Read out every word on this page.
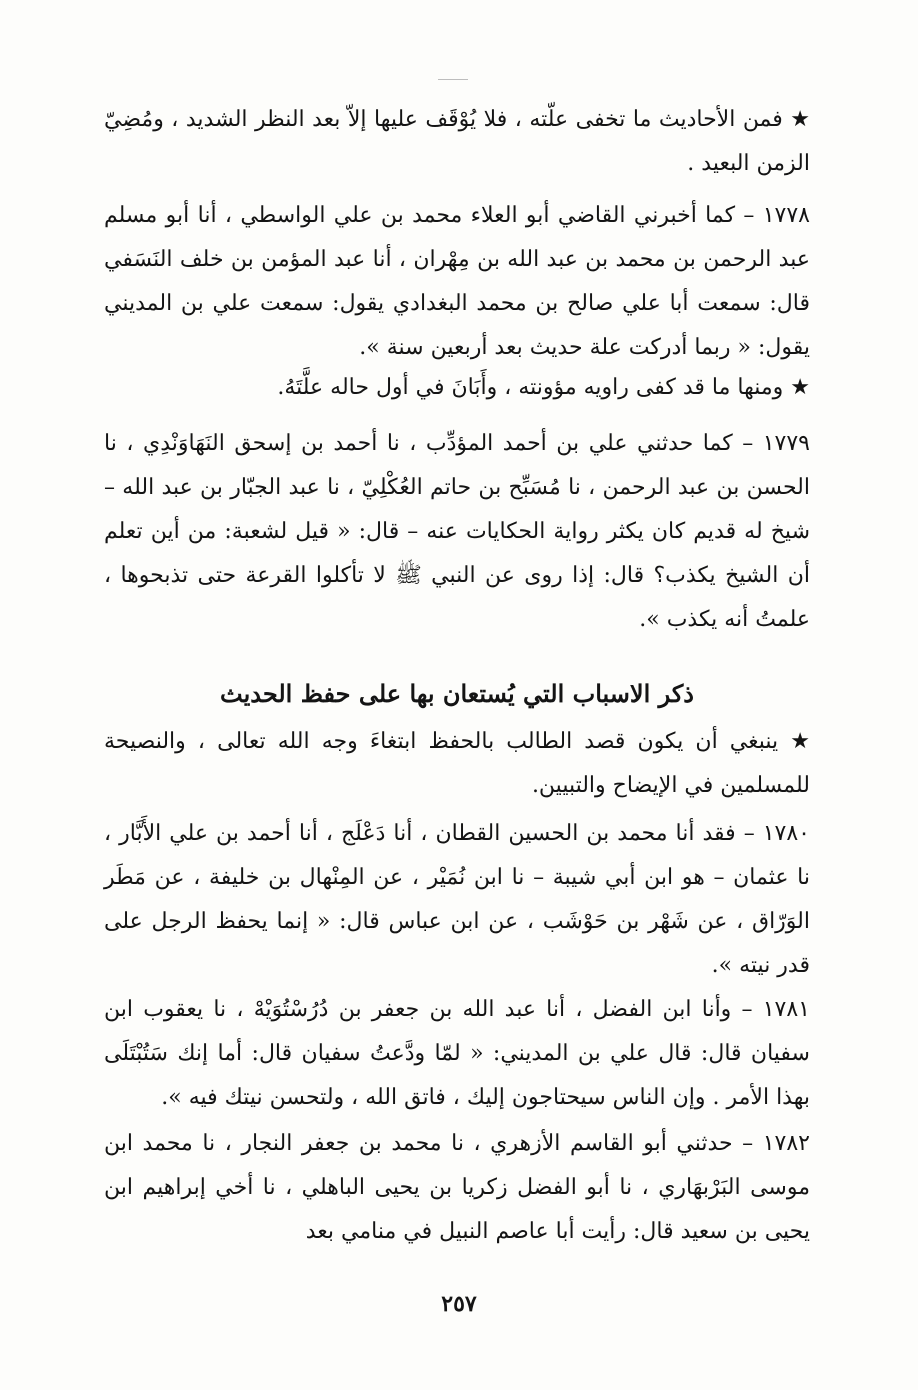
★ فمن الأحاديث ما تخفى علّته ، فلا يُوْقَف عليها إلاّ بعد النظر الشديد ، ومُضِيّ الزمن البعيد .

١٧٧٨ – كما أخبرني القاضي أبو العلاء محمد بن علي الواسطي ، أنا أبو مسلم عبد الرحمن بن محمد بن عبد الله بن مِهْران ، أنا عبد المؤمن بن خلف النَسَفي قال: سمعت أبا علي صالح بن محمد البغدادي يقول: سمعت علي بن المديني يقول: « ربما أدركت علة حديث بعد أربعين سنة ».

★ ومنها ما قد كفى راويه مؤونته ، وأَبَانَ في أول حاله علَّتَهُ.

١٧٧٩ – كما حدثني علي بن أحمد المؤدِّب ، نا أحمد بن إسحق النَهَاوَنْدِي ، نا الحسن بن عبد الرحمن ، نا مُسَبِّح بن حاتم العُكْلِيّ ، نا عبد الجبّار بن عبد الله – شيخ له قديم كان يكثر رواية الحكايات عنه – قال: « قيل لشعبة: من أين تعلم أن الشيخ يكذب؟ قال: إذا روى عن النبي ﷺ لا تأكلوا القرعة حتى تذبحوها ، علمتُ أنه يكذب ».

ذكر الاسباب التي يُستعان بها على حفظ الحديث

★ ينبغي أن يكون قصد الطالب بالحفظ ابتغاءَ وجه الله تعالى ، والنصيحة للمسلمين في الإيضاح والتبيين.

١٧٨٠ – فقد أنا محمد بن الحسين القطان ، أنا دَعْلَج ، أنا أحمد بن علي الأَبَّار ، نا عثمان – هو ابن أبي شيبة – نا ابن نُمَيْر ، عن المِنْهال بن خليفة ، عن مَطَر الوَرّاق ، عن شَهْر بن حَوْشَب ، عن ابن عباس قال: « إنما يحفظ الرجل على قدر نيته ».

١٧٨١ – وأنا ابن الفضل ، أنا عبد الله بن جعفر بن دُرُسْتُوَيْهْ ، نا يعقوب ابن سفيان قال: قال علي بن المديني: « لمّا ودَّعتُ سفيان قال: أما إنك سَتُبْتَلَى بهذا الأمر . وإن الناس سيحتاجون إليك ، فاتق الله ، ولتحسن نيتك فيه ».

١٧٨٢ – حدثني أبو القاسم الأزهري ، نا محمد بن جعفر النجار ، نا محمد ابن موسى البَرْبهَاري ، نا أبو الفضل زكريا بن يحيى الباهلي ، نا أخي إبراهيم ابن يحيى بن سعيد قال: رأيت أبا عاصم النبيل في منامي بعد

٢٥٧
